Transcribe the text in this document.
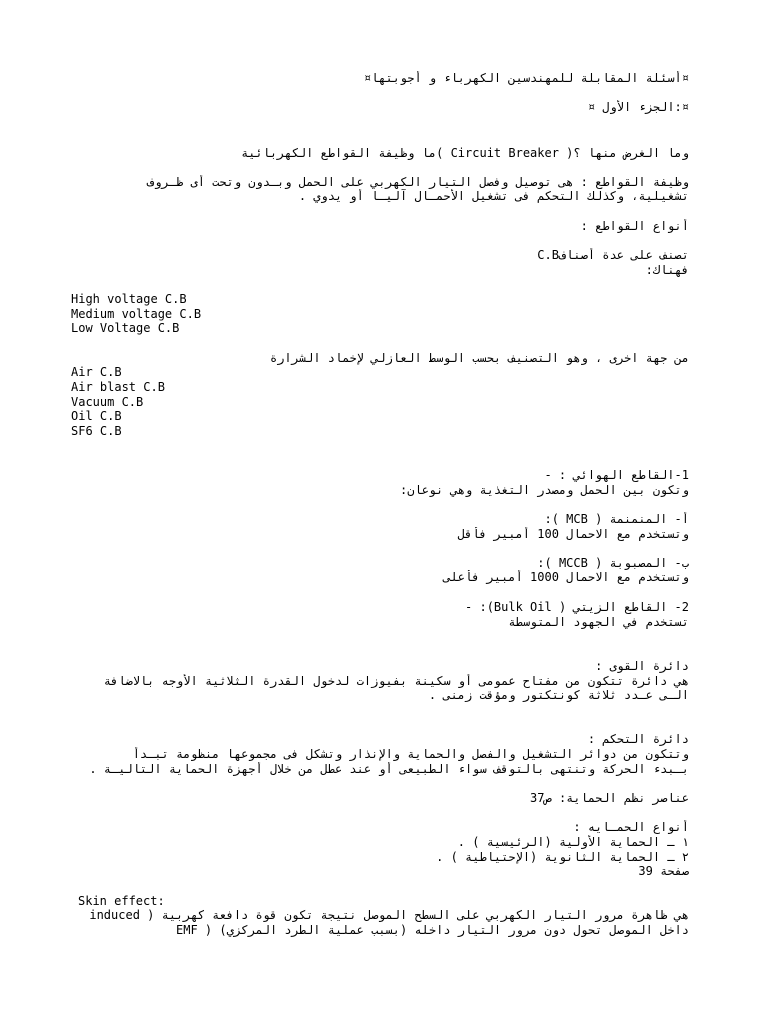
¤أسئلة المقابلة للمهندسين الكهرباء و أجوبتها¤
¤:الجزء الأول ¤
وما الغرض منها ؟( Circuit Breaker )ما وظيفة القواطع الكهربائية
وظيفة القواطع : هى توصيل وفصل التيار الكهربي على الحمل وبـدون وتحت أى ظـروف
تشغيلية، وكذلك التحكم فى تشغيل الأحمـال آليـا أو يدوي .
أنواع القواطع :
تصنف على عدة أصنافC.B
فهناك:
High voltage C.B
Medium voltage C.B
Low Voltage C.B
من جهة اخرى ، وهو التصنيف بحسب الوسط العازلي لإخماد الشرارة
Air C.B
Air blast C.B
Vacuum C.B
Oil C.B
SF6 C.B
1-القاطع الهوائي : -
وتكون بين الحمل ومصدر التغذية وهي نوعان:
أ- المنمنمة ( MCB ):
وتستخدم مع الاحمال 100 أمبير فأقل
ب- المصبوبة ( MCCB ):
وتستخدم مع الاحمال 1000 أمبير فأعلى
2- القاطع الزيتي ( Bulk Oil): -
تستخدم في الجهود المتوسطة
دائرة القوى :
هي دائرة تتكون من مفتاح عمومى أو سكينة بفيوزات لدخول القدرة الثلاثية الأوجه بالاضافة
الـى عـدد ثلاثة كونتكتور ومؤقت زمنى .
دائرة التحكم :
وتتكون من دوائر التشغيل والفصل والحماية والإنذار وتشكل فى مجموعها منظومة تبـدأ
بـبدء الحركة وتنتهى بالتوقف سواء الطبيعى أو عند عطل من خلال أجهزة الحماية التاليـة .
عناصر نظم الحماية: ص37
أنواع الحمـايه :
١ ـ الحماية الأولية (الرئيسية ) .
٢ ـ الحماية الثانوية (الإحتياطية ) .
صفحة 39
Skin effect:
هي ظاهرة مرور التيار الكهربي على السطح الموصل نتيجة تكون قوة دافعة كهربية ( induced
EMF ) داخل الموصل تحول دون مرور التيار داخله (بسبب عملية الطرد المركزي)
